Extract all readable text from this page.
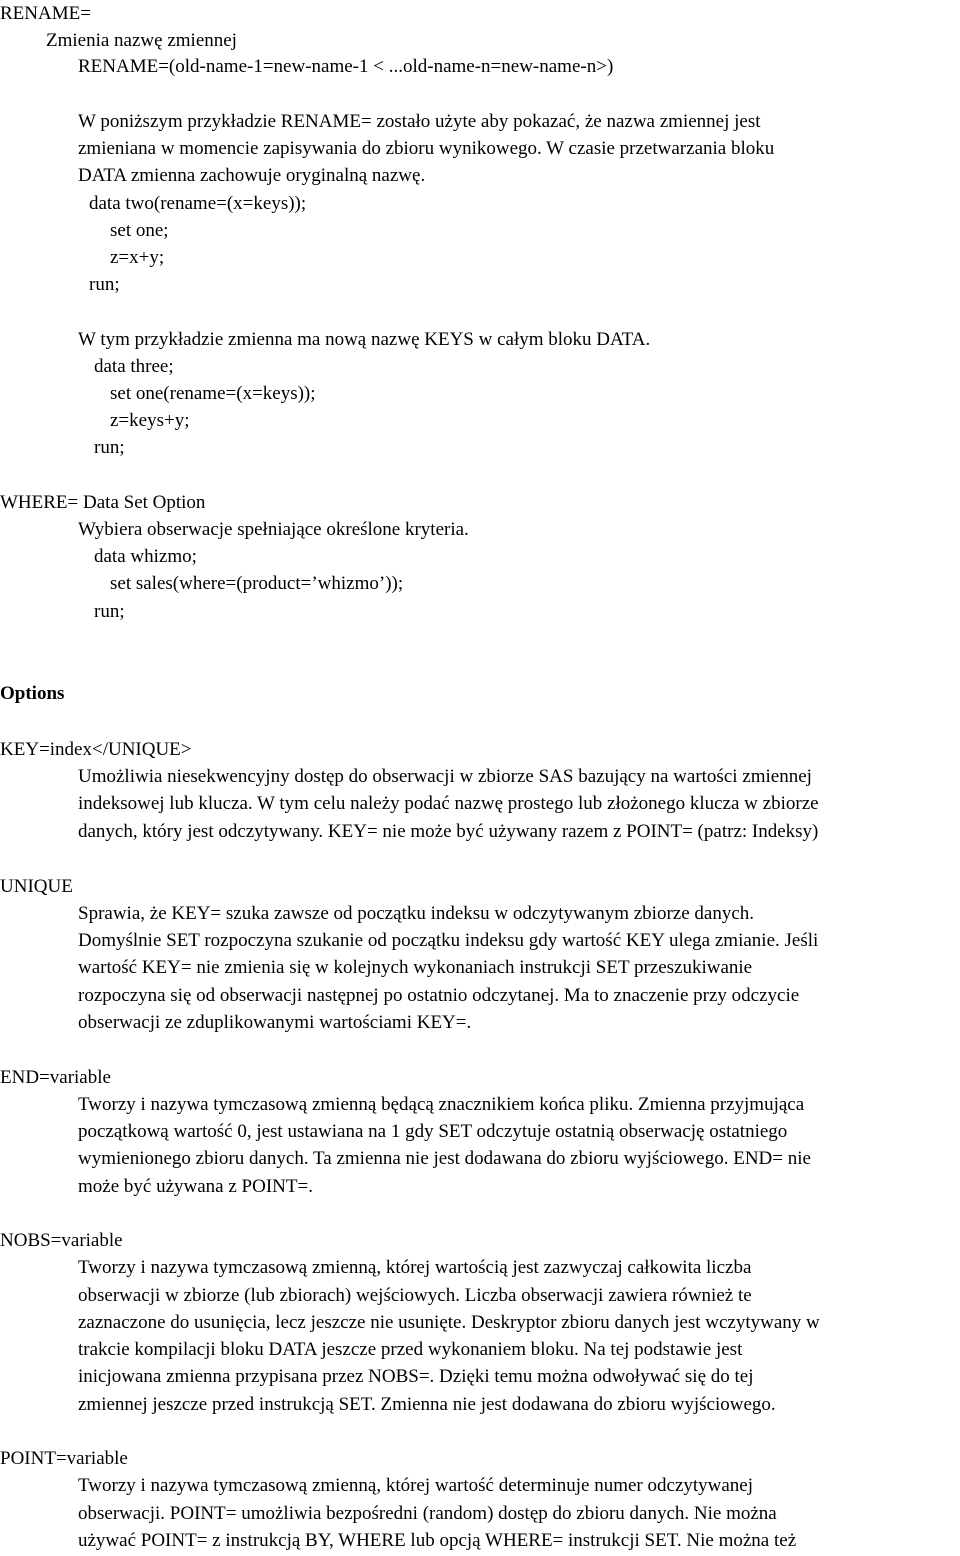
RENAME=
Zmienia nazwę zmiennej
RENAME=(old-name-1=new-name-1 < ...old-name-n=new-name-n>)
W poniższym przykładzie RENAME= zostało użyte aby pokazać, że nazwa zmiennej jest
zmieniana w momencie zapisywania do zbioru wynikowego. W czasie przetwarzania bloku
DATA zmienna zachowuje oryginalną nazwę.
data two(rename=(x=keys));
set one;
z=x+y;
run;
W tym przykładzie zmienna ma nową nazwę KEYS w całym bloku DATA.
data three;
set one(rename=(x=keys));
z=keys+y;
run;
WHERE= Data Set Option
Wybiera obserwacje spełniające określone kryteria.
data whizmo;
set sales(where=(product=’whizmo’));
run;
Options
KEY=index</UNIQUE>
Umożliwia niesekwencyjny dostęp do obserwacji w zbiorze SAS bazujący na wartości zmiennej
indeksowej lub klucza. W tym celu należy podać nazwę prostego lub złożonego klucza w zbiorze
danych, który jest odczytywany. KEY= nie może być używany razem z POINT= (patrz: Indeksy)
UNIQUE
Sprawia, że KEY= szuka zawsze od początku indeksu w odczytywanym zbiorze danych.
Domyślnie SET rozpoczyna szukanie od początku indeksu gdy wartość KEY ulega zmianie. Jeśli
wartość KEY= nie zmienia się w kolejnych wykonaniach instrukcji SET przeszukiwanie
rozpoczyna się od obserwacji następnej po ostatnio odczytanej. Ma to znaczenie przy odczycie
obserwacji ze zduplikowanymi wartościami KEY=.
END=variable
Tworzy i nazywa tymczasową zmienną będącą znacznikiem końca pliku. Zmienna przyjmująca
początkową wartość 0, jest ustawiana na 1 gdy SET odczytuje ostatnią obserwację ostatniego
wymienionego zbioru danych. Ta zmienna nie jest dodawana do zbioru wyjściowego. END= nie
może być używana z POINT=.
NOBS=variable
Tworzy i nazywa tymczasową zmienną, której wartością jest zazwyczaj całkowita liczba
obserwacji w zbiorze (lub zbiorach) wejściowych. Liczba obserwacji zawiera również te
zaznaczone do usunięcia, lecz jeszcze nie usunięte. Deskryptor zbioru danych jest wczytywany w
trakcie kompilacji bloku DATA jeszcze przed wykonaniem bloku. Na tej podstawie jest
inicjowana zmienna przypisana przez NOBS=. Dzięki temu można odwoływać się do tej
zmiennej jeszcze przed instrukcją SET. Zmienna nie jest dodawana do zbioru wyjściowego.
POINT=variable
Tworzy i nazywa tymczasową zmienną, której wartość determinuje numer odczytywanej
obserwacji. POINT= umożliwia bezpośredni (random) dostęp do zbioru danych. Nie można
używać POINT= z instrukcją BY, WHERE lub opcją WHERE= instrukcji SET. Nie można też
